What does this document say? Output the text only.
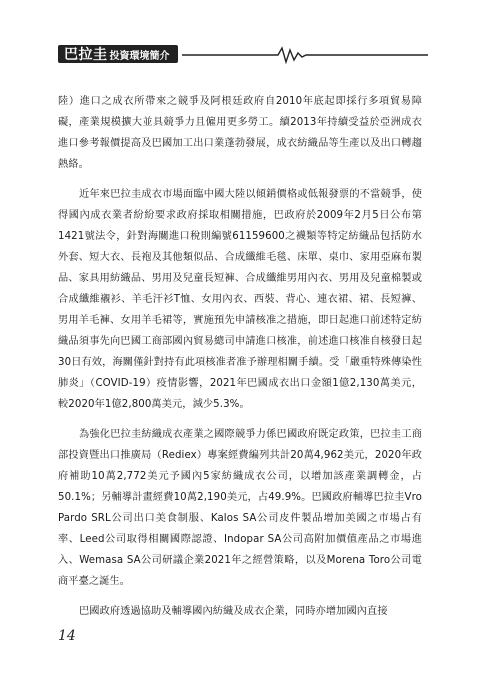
巴拉圭 投資環境簡介

陸）進口之成衣所帶來之競爭及阿根廷政府自2010年底起即採行多項貿易障礙，產業規模擴大並具競爭力且僱用更多勞工。續2013年持續受益於亞洲成衣進口參考報價提高及巴國加工出口業蓬勃發展，成衣紡織品等生產以及出口轉趨熱絡。

近年來巴拉圭成衣市場面臨中國大陸以傾銷價格或低報發票的不當競爭，使得國內成衣業者紛紛要求政府採取相關措施，巴政府於2009年2月5日公布第1421號法令，針對海關進口稅則編號61159600之襪類等特定紡織品包括防水外套、短大衣、長袍及其他類似品、合成纖維毛毯、床單、桌巾、家用亞麻布製品、家具用紡織品、男用及兒童長短褲、合成纖維男用內衣、男用及兒童棉製或合成纖維襯衫、羊毛汗衫T恤、女用內衣、西裝、背心、連衣裙、裙、長短褲、男用羊毛褲、女用羊毛裙等，實施預先申請核准之措施，即日起進口前述特定紡織品須事先向巴國工商部國內貿易總司申請進口核准，前述進口核准自核發日起30日有效，海關僅針對持有此項核准者准予辦理相關手續。受「嚴重特殊傳染性肺炎」（COVID-19）疫情影響，2021年巴國成衣出口金額1億2,130萬美元，較2020年1億2,800萬美元，減少5.3%。

為強化巴拉圭紡織成衣產業之國際競爭力係巴國政府既定政策，巴拉圭工商部投資暨出口推廣局（Rediex）專案經費編列共計20萬4,962美元，2020年政府補助10萬2,772美元予國內5家紡織成衣公司，以增加該產業調轉金，占50.1%；另輔導計畫經費10萬2,190美元，占49.9%。巴國政府輔導巴拉圭Vro Pardo SRL公司出口美食制服、Kalos SA公司皮件製品增加美國之市場占有率、Leed公司取得相關國際認證、Indopar SA公司高附加價值產品之市場進入、Wemasa SA公司研議企業2021年之經營策略，以及Morena Toro公司電商平臺之誕生。

巴國政府透過協助及輔導國內紡織及成衣企業，同時亦增加國內直接

14
